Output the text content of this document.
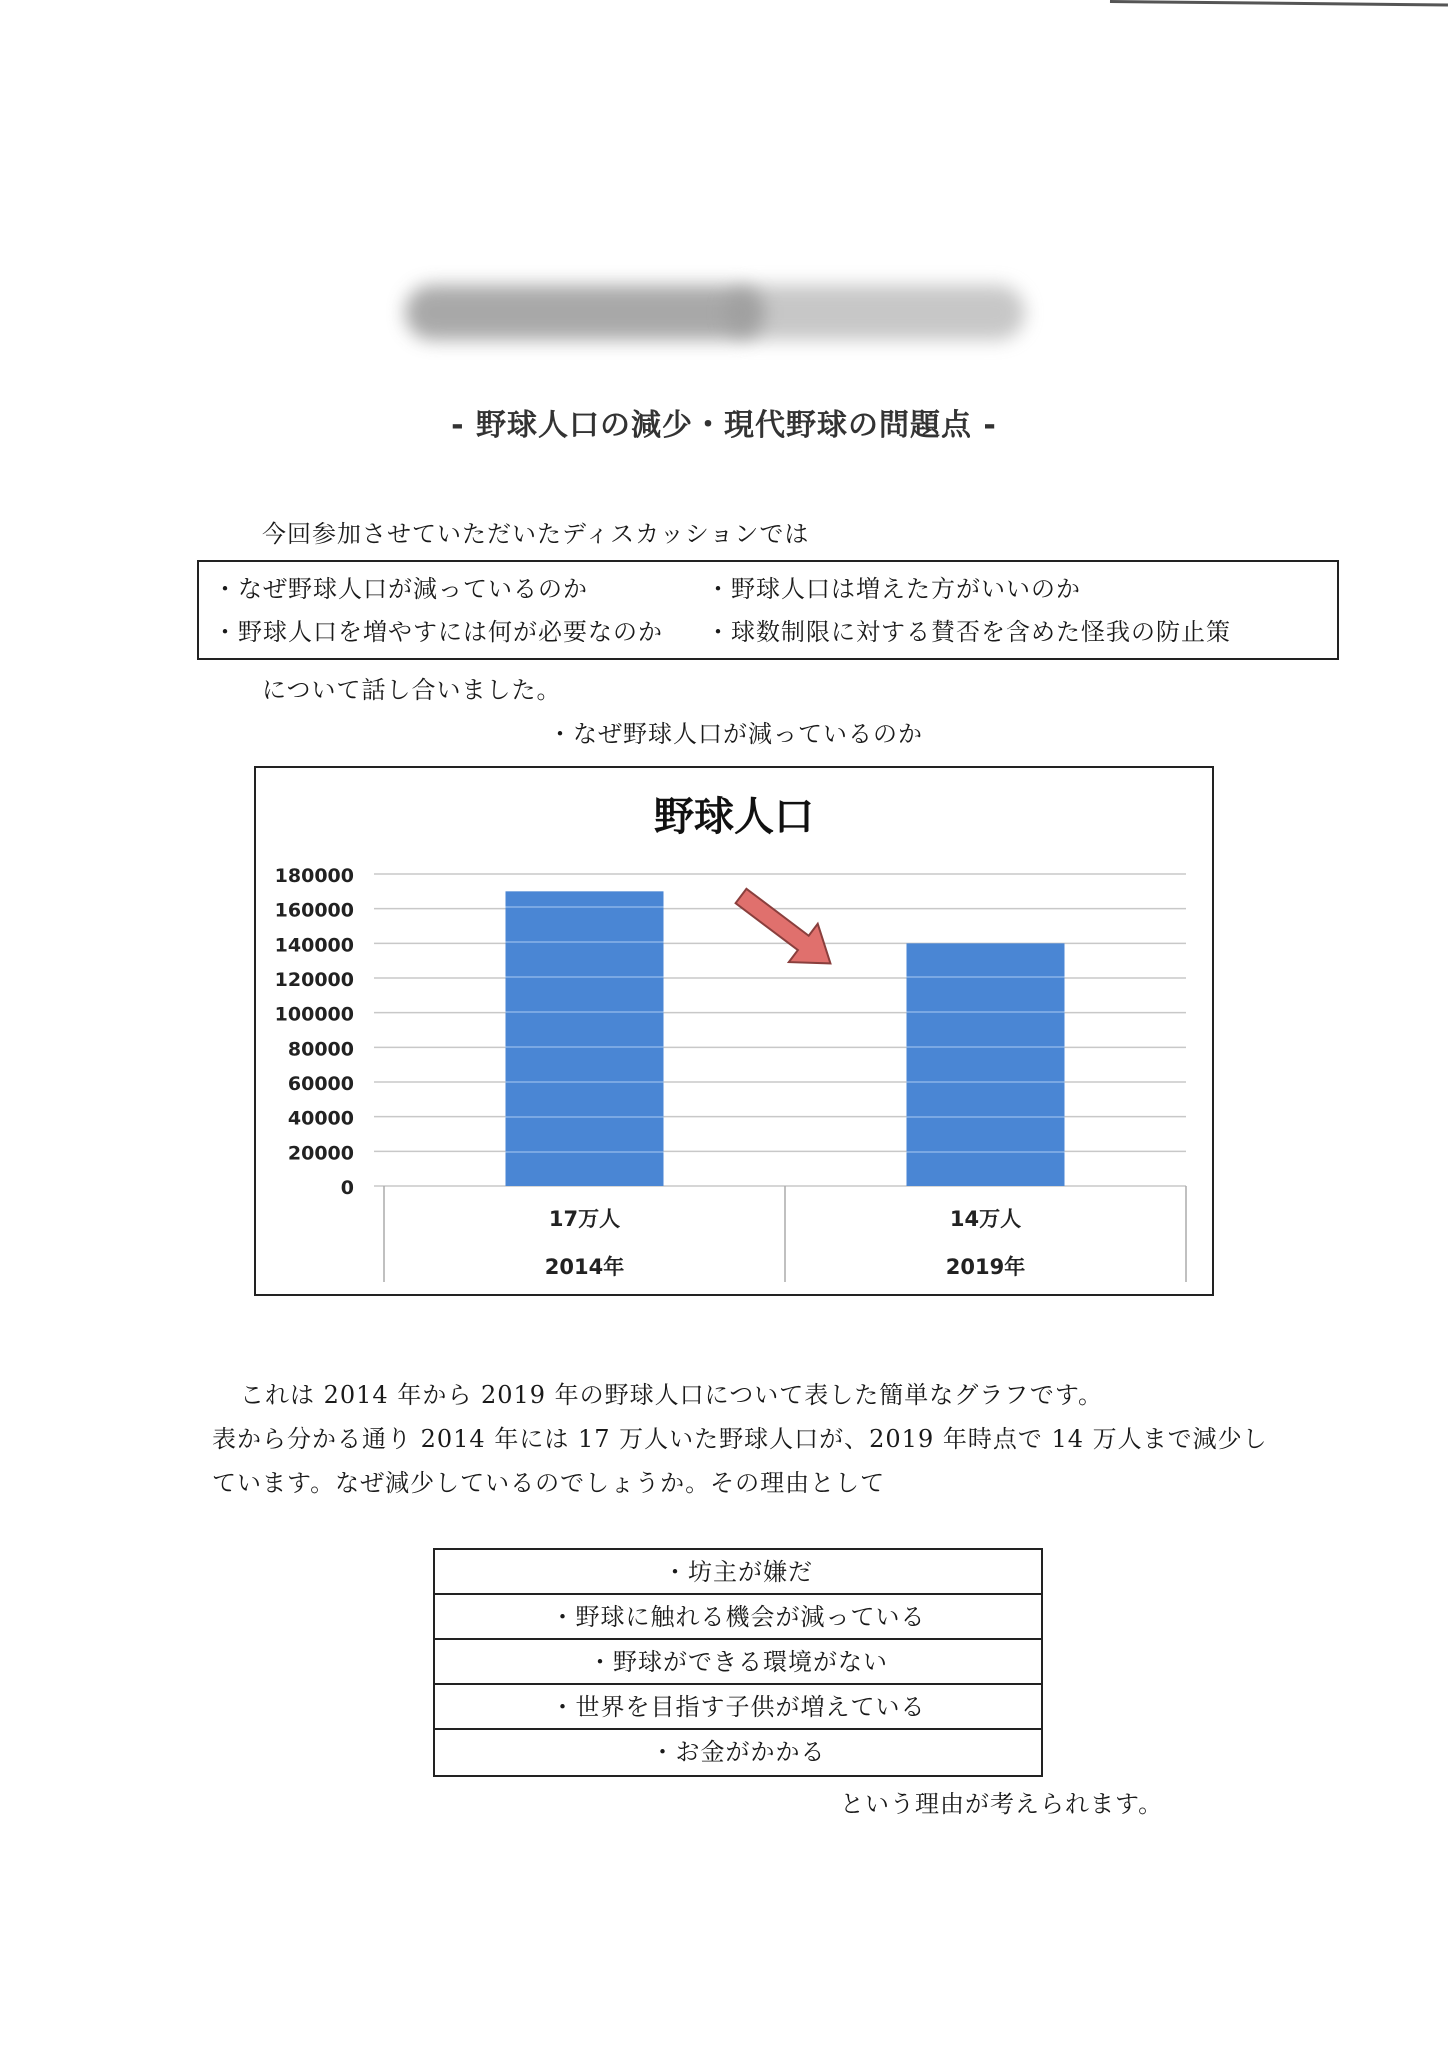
- 野球人口の減少・現代野球の問題点 -
今回参加させていただいたディスカッションでは
・なぜ野球人口が減っているのか	・野球人口は増えた方がいいのか
・野球人口を増やすには何が必要なのか ・球数制限に対する賛否を含めた怪我の防止策
について話し合いました。
・なぜ野球人口が減っているのか
野球人口
180000
160000
140000
120000
100000
80000
60000
40000
20000
0
17万人
2014年
14万人
2019年
これは 2014 年から 2019 年の野球人口について表した簡単なグラフです。
表から分かる通り 2014 年には 17 万人いた野球人口が、2019 年時点で 14 万人まで減少し
ています。なぜ減少しているのでしょうか。その理由として
・坊主が嫌だ
・野球に触れる機会が減っている
・野球ができる環境がない
・世界を目指す子供が増えている
・お金がかかる
という理由が考えられます。
